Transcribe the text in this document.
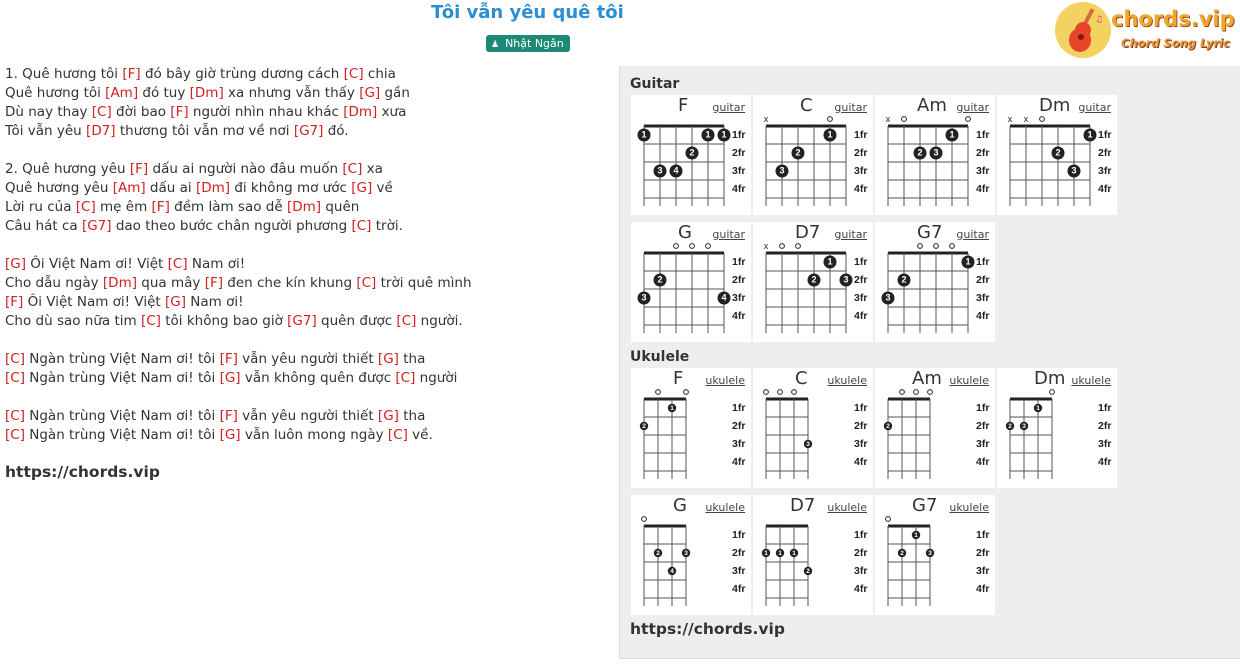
Tôi vẫn yêu quê tôi
♟ Nhật Ngân
♫ chords.vip
Chord Song Lyric
1. Quê hương tôi [F] đó bây giờ trùng dương cách [C] chia
Quê hương tôi [Am] đó tuy [Dm] xa nhưng vẫn thấy [G] gần
Dù nay thay [C] đời bao [F] người nhìn nhau khác [Dm] xưa
Tôi vẫn yêu [D7] thương tôi vẫn mơ về nơi [G7] đó.
2. Quê hương yêu [F] dấu ai người nào đâu muốn [C] xa
Quê hương yêu [Am] dấu ai [Dm] đi không mơ ước [G] về
Lời ru của [C] mẹ êm [F] đềm làm sao dễ [Dm] quên
Câu hát ca [G7] dao theo bước chân người phương [C] trời.
[G] Ôi Việt Nam ơi! Việt [C] Nam ơi!
Cho dẫu ngày [Dm] qua mây [F] đen che kín khung [C] trời quê mình
[F] Ôi Việt Nam ơi! Việt [G] Nam ơi!
Cho dù sao nữa tim [C] tôi không bao giờ [G7] quên được [C] người.
[C] Ngàn trùng Việt Nam ơi! tôi [F] vẫn yêu người thiết [G] tha
[C] Ngàn trùng Việt Nam ơi! tôi [G] vẫn không quên được [C] người
[C] Ngàn trùng Việt Nam ơi! tôi [F] vẫn yêu người thiết [G] tha
[C] Ngàn trùng Việt Nam ơi! tôi [G] vẫn luôn mong ngày [C] về.
https://chords.vip
Guitar
Ukulele
1fr
2fr
3fr
4fr
1
3 4
2
1 1
F guitar
1fr
2fr
3fr
4fr
x
3
2
1
C guitar
1fr
2fr
3fr
4fr
x
2 3
1
Am guitar
1fr
2fr
3fr
4fr
x x
2
3
1
Dm guitar
1fr
2fr
3fr
4fr
3
2
4
G guitar
1fr
2fr
3fr
4fr
x
2
1
3
D7 guitar
1fr
2fr
3fr
4fr
3
2
1
G7 guitar
1fr
2fr
3fr
4fr
2
1
F ukulele
1fr
2fr
3fr
4fr
3
C ukulele
1fr
2fr
3fr
4fr
2
Am ukulele
1fr
2fr
3fr
4fr
2 3
1
Dm ukulele
1fr
2fr
3fr
4fr
2
4
3
G ukulele
1fr
2fr
3fr
4fr
1 1 1
2
D7 ukulele
1fr
2fr
3fr
4fr
2
1
3
G7 ukulele
https://chords.vip
